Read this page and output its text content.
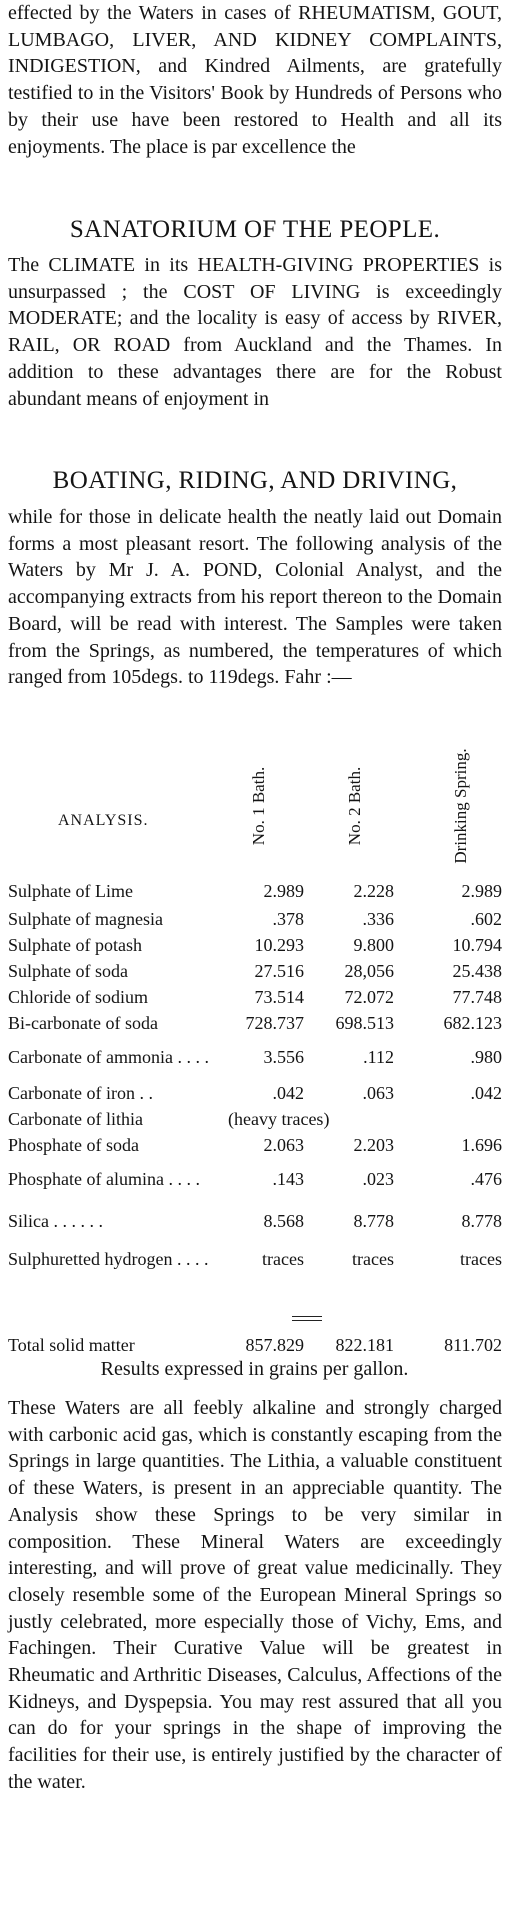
effected by the Waters in cases of RHEUMATISM, GOUT, LUMBAGO, LIVER, AND KIDNEY COMPLAINTS, INDIGESTION, and Kindred Ailments, are gratefully testified to in the Visitors' Book by Hundreds of Persons who by their use have been restored to Health and all its enjoyments. The place is par excellence the

SANATORIUM OF THE PEOPLE.

The CLIMATE in its HEALTH-GIVING PROPERTIES is unsurpassed ; the COST OF LIVING is exceedingly MODERATE; and the locality is easy of access by RIVER, RAIL, OR ROAD from Auckland and the Thames. In addition to these advantages there are for the Robust abundant means of enjoyment in

BOATING, RIDING, AND DRIVING,

while for those in delicate health the neatly laid out Domain forms a most pleasant resort. The following analysis of the Waters by Mr J. A. POND, Colonial Analyst, and the accompanying extracts from his report thereon to the Domain Board, will be read with interest. The Samples were taken from the Springs, as numbered, the temperatures of which ranged from 105degs. to 119degs. Fahr :—

ANALYSIS.	No. 1 Bath.	No. 2 Bath.	Drinking Spring.
Sulphate of Lime	2.989	2.228	2.989
Sulphate of magnesia	.378	.336	.602
Sulphate of potash	10.293	9.800	10.794
Sulphate of soda	27.516	28,056	25.438
Chloride of sodium	73.514	72.072	77.748
Bi-carbonate of soda	728.737	698.513	682.123
Carbonate of ammonia . . . .	3.556	.112	.980
Carbonate of iron . .	.042	.063	.042
Carbonate of lithia	(heavy traces)
Phosphate of soda	2.063	2.203	1.696
Phosphate of alumina . . . .	.143	.023	.476
Silica . . . . . .	8.568	8.778	8.778
Sulphuretted hydrogen . . . .	traces	traces	traces
Total solid matter	857.829	822.181	811.702
Results expressed in grains per gallon.

These Waters are all feebly alkaline and strongly charged with carbonic acid gas, which is constantly escaping from the Springs in large quantities. The Lithia, a valuable constituent of these Waters, is present in an appreciable quantity. The Analysis show these Springs to be very similar in composition. These Mineral Waters are exceedingly interesting, and will prove of great value medicinally. They closely resemble some of the European Mineral Springs so justly celebrated, more especially those of Vichy, Ems, and Fachingen. Their Curative Value will be greatest in Rheumatic and Arthritic Diseases, Calculus, Affections of the Kidneys, and Dyspepsia. You may rest assured that all you can do for your springs in the shape of improving the facilities for their use, is entirely justified by the character of the water.
